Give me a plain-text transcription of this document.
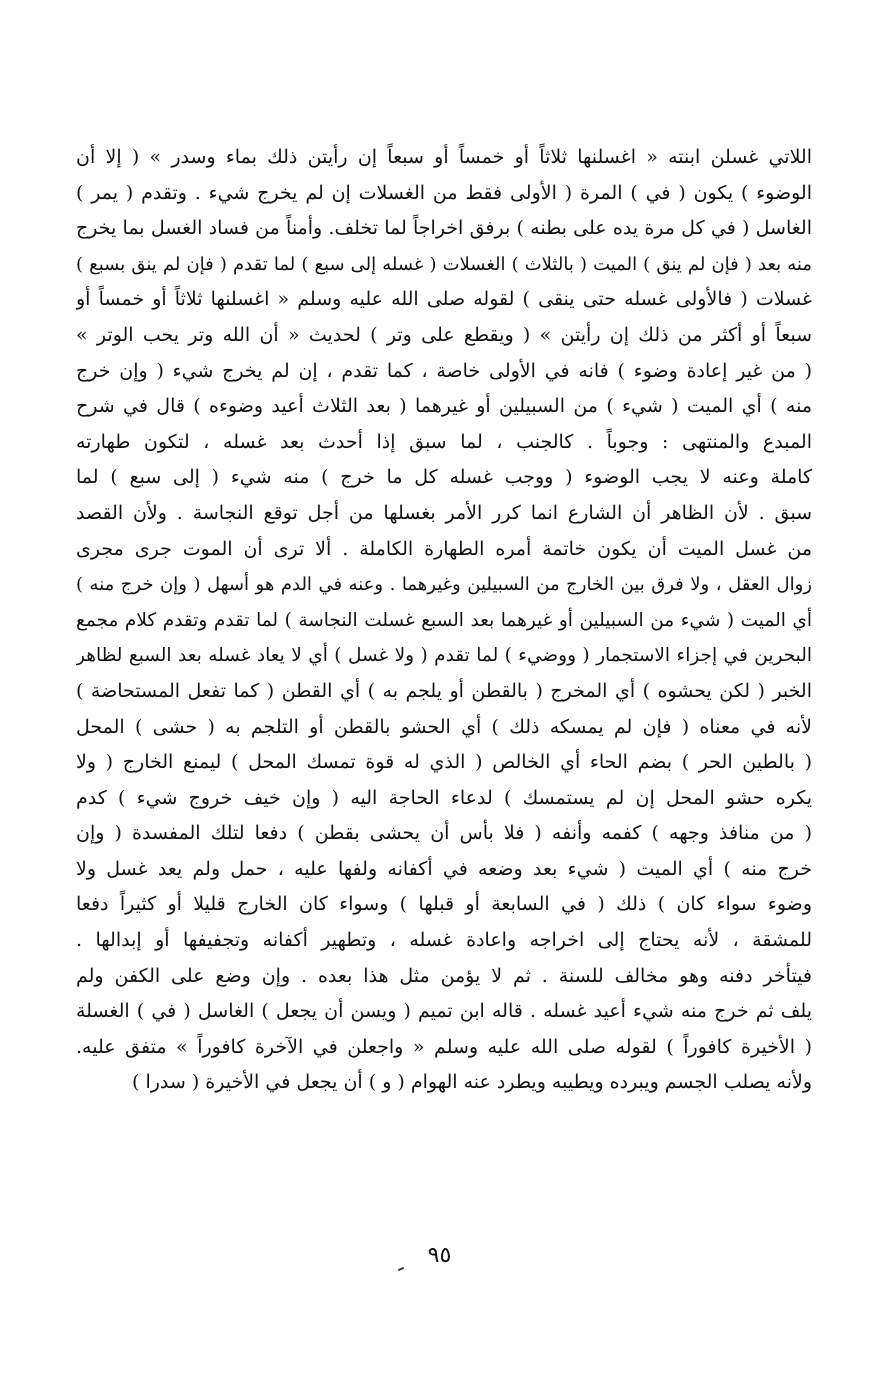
اللاتي غسلن ابنته « اغسلنها ثلاثاً أو خمساً أو سبعاً إن رأيتن ذلك بماء وسدر » ( إلا أن
الوضوء ) يكون ( في ) المرة ( الأولى فقط من الغسلات إن لم يخرج شيء . وتقدم ( يمر )
الغاسل ( في كل مرة يده على بطنه ) برفق اخراجاً لما تخلف. وأمناً من فساد الغسل بما يخرج
منه بعد ( فإن لم ينق ) الميت ( بالثلاث ) الغسلات ( غسله إلى سبع ) لما تقدم ( فإن لم ينق بسبع )
غسلات ( فالأولى غسله حتى ينقى ) لقوله صلى الله عليه وسلم « اغسلنها ثلاثاً أو خمساً أو
سبعاً أو أكثر من ذلك إن رأيتن » ( ويقطع على وتر ) لحديث « أن الله وتر يحب الوتر »
( من غير إعادة وضوء ) فانه في الأولى خاصة ، كما تقدم ، إن لم يخرج شيء ( وإن خرج
منه ) أي الميت ( شيء ) من السبيلين أو غيرهما ( بعد الثلاث أعيد وضوءه ) قال في شرح
المبدع والمنتهى : وجوباً . كالجنب ، لما سبق إذا أحدث بعد غسله ، لتكون طهارته
كاملة وعنه لا يجب الوضوء ( ووجب غسله كل ما خرج ) منه شيء ( إلى سبع ) لما
سبق . لأن الظاهر أن الشارع انما كرر الأمر بغسلها من أجل توقع النجاسة . ولأن القصد
من غسل الميت أن يكون خاتمة أمره الطهارة الكاملة . ألا ترى أن الموت جرى مجرى
زوال العقل ، ولا فرق بين الخارج من السبيلين وغيرهما . وعنه في الدم هو أسهل ( وإن خرج منه )
أي الميت ( شيء من السبيلين أو غيرهما بعد السبع غسلت النجاسة ) لما تقدم وتقدم كلام مجمع
البحرين في إجزاء الاستجمار ( ووضيء ) لما تقدم ( ولا غسل ) أي لا يعاد غسله بعد السبع لظاهر
الخبر ( لكن يحشوه ) أي المخرج ( بالقطن أو يلجم به ) أي القطن ( كما تفعل المستحاضة )
لأنه في معناه ( فإن لم يمسكه ذلك ) أي الحشو بالقطن أو التلجم به ( حشى ) المحل
( بالطين الحر ) بضم الحاء أي الخالص ( الذي له قوة تمسك المحل ) ليمنع الخارج ( ولا
يكره حشو المحل إن لم يستمسك ) لدعاء الحاجة اليه ( وإن خيف خروج شيء ) كدم
( من منافذ وجهه ) كفمه وأنفه ( فلا بأس أن يحشى بقطن ) دفعا لتلك المفسدة ( وإن
خرج منه ) أي الميت ( شيء بعد وضعه في أكفانه ولفها عليه ، حمل ولم يعد غسل ولا
وضوء سواء كان ) ذلك ( في السابعة أو قبلها ) وسواء كان الخارج قليلا أو كثيراً دفعا
للمشقة ، لأنه يحتاج إلى اخراجه واعادة غسله ، وتطهير أكفانه وتجفيفها أو إبدالها .
فيتأخر دفنه وهو مخالف للسنة . ثم لا يؤمن مثل هذا بعده . وإن وضع على الكفن ولم
يلف ثم خرج منه شيء أعيد غسله . قاله ابن تميم ( ويسن أن يجعل ) الغاسل ( في ) الغسلة
( الأخيرة كافوراً ) لقوله صلى الله عليه وسلم « واجعلن في الآخرة كافوراً » متفق عليه.
ولأنه يصلب الجسم ويبرده ويطيبه ويطرد عنه الهوام ( و ) أن يجعل في الأخيرة ( سدرا )
٩٥
